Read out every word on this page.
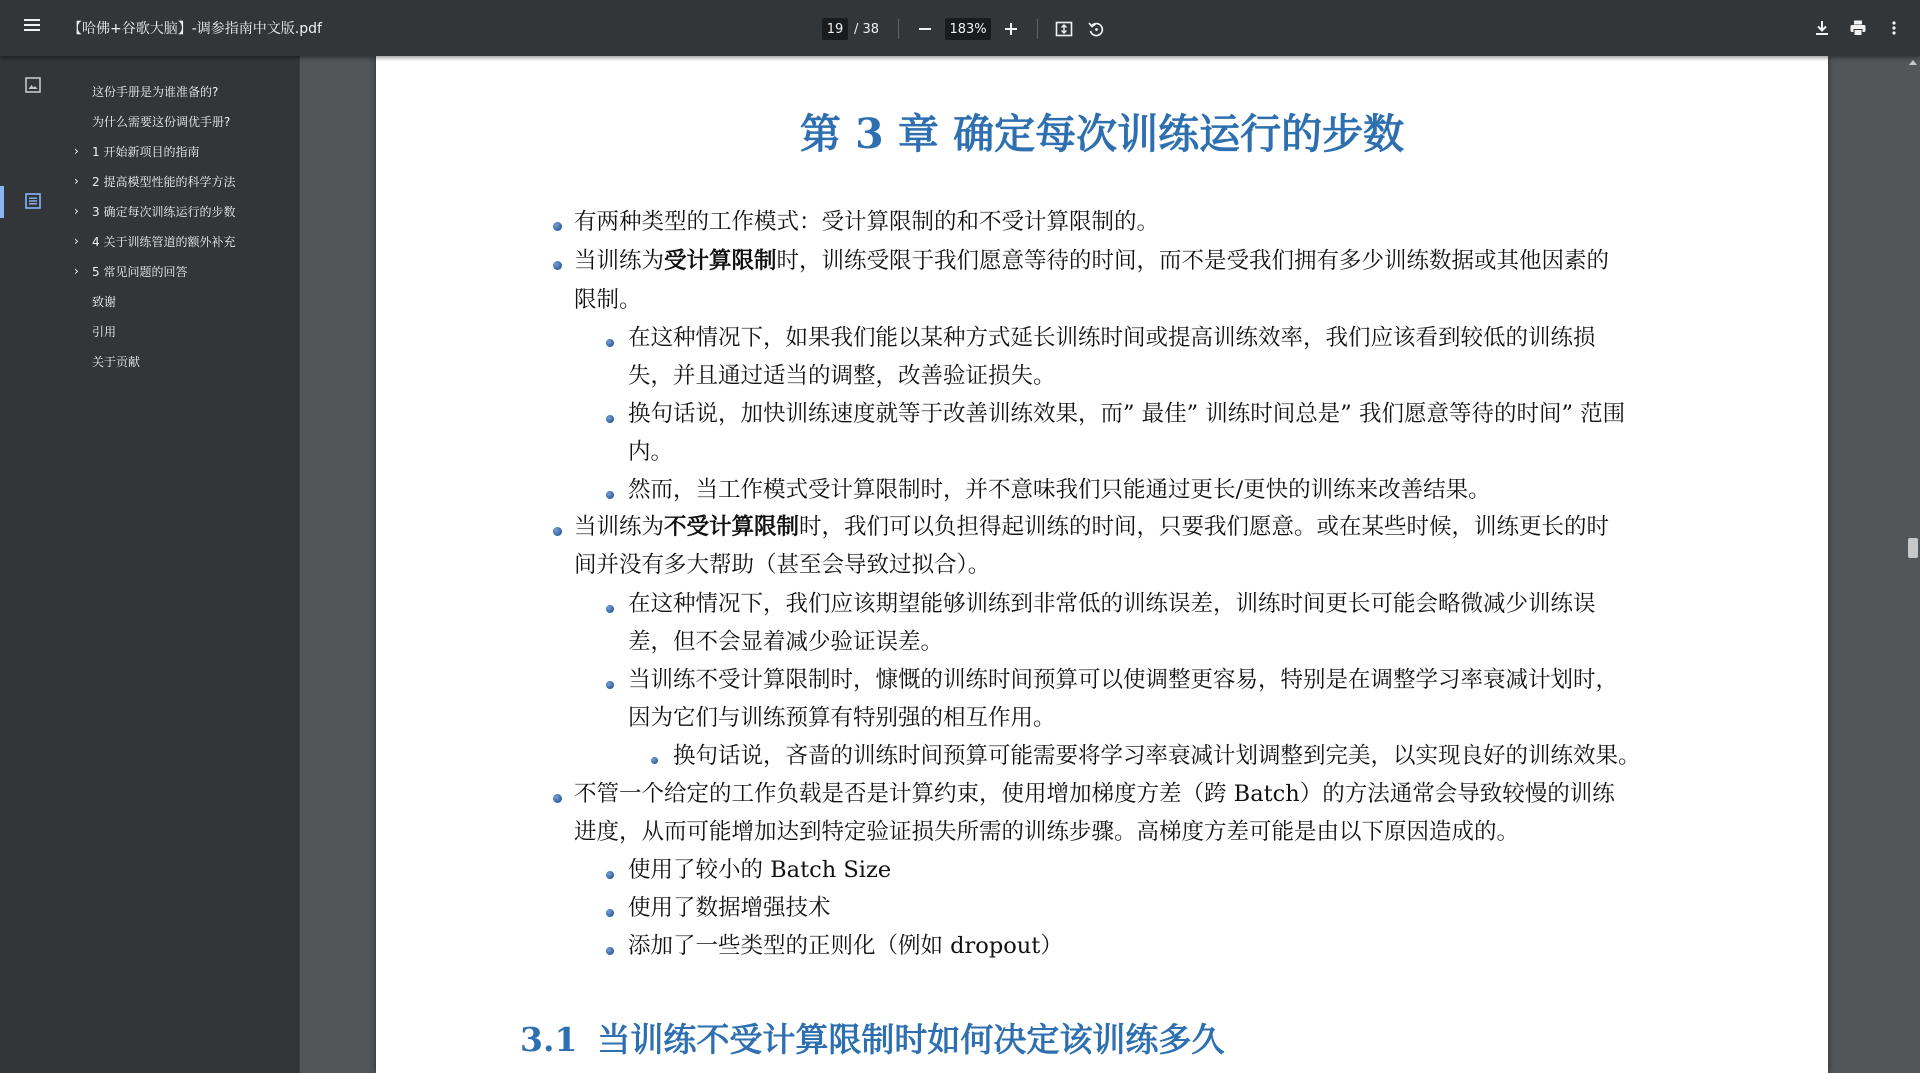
【哈佛+谷歌大脑】-调参指南中文版.pdf	19 / 38	183%
这份手册是为谁准备的?
为什么需要这份调优手册?
› 1 开始新项目的指南
› 2 提高模型性能的科学方法
› 3 确定每次训练运行的步数
› 4 关于训练管道的额外补充
› 5 常见问题的回答
致谢
引用
关于贡献
第 3 章 确定每次训练运行的步数
有两种类型的工作模式：受计算限制的和不受计算限制的。
当训练为受计算限制时，训练受限于我们愿意等待的时间，而不是受我们拥有多少训练数据或其他因素的
限制。
在这种情况下，如果我们能以某种方式延长训练时间或提高训练效率，我们应该看到较低的训练损
失，并且通过适当的调整，改善验证损失。
换句话说，加快训练速度就等于改善训练效果，而” 最佳” 训练时间总是” 我们愿意等待的时间” 范围
内。
然而，当工作模式受计算限制时，并不意味我们只能通过更长/更快的训练来改善结果。
当训练为不受计算限制时，我们可以负担得起训练的时间，只要我们愿意。或在某些时候，训练更长的时
间并没有多大帮助（甚至会导致过拟合）。
在这种情况下，我们应该期望能够训练到非常低的训练误差，训练时间更长可能会略微减少训练误
差，但不会显着减少验证误差。
当训练不受计算限制时，慷慨的训练时间预算可以使调整更容易，特别是在调整学习率衰减计划时，
因为它们与训练预算有特别强的相互作用。
换句话说，吝啬的训练时间预算可能需要将学习率衰减计划调整到完美，以实现良好的训练效果。
不管一个给定的工作负载是否是计算约束，使用增加梯度方差（跨 Batch）的方法通常会导致较慢的训练
进度，从而可能增加达到特定验证损失所需的训练步骤。高梯度方差可能是由以下原因造成的。
使用了较小的 Batch Size
使用了数据增强技术
添加了一些类型的正则化（例如 dropout）
3.1 当训练不受计算限制时如何决定该训练多久
